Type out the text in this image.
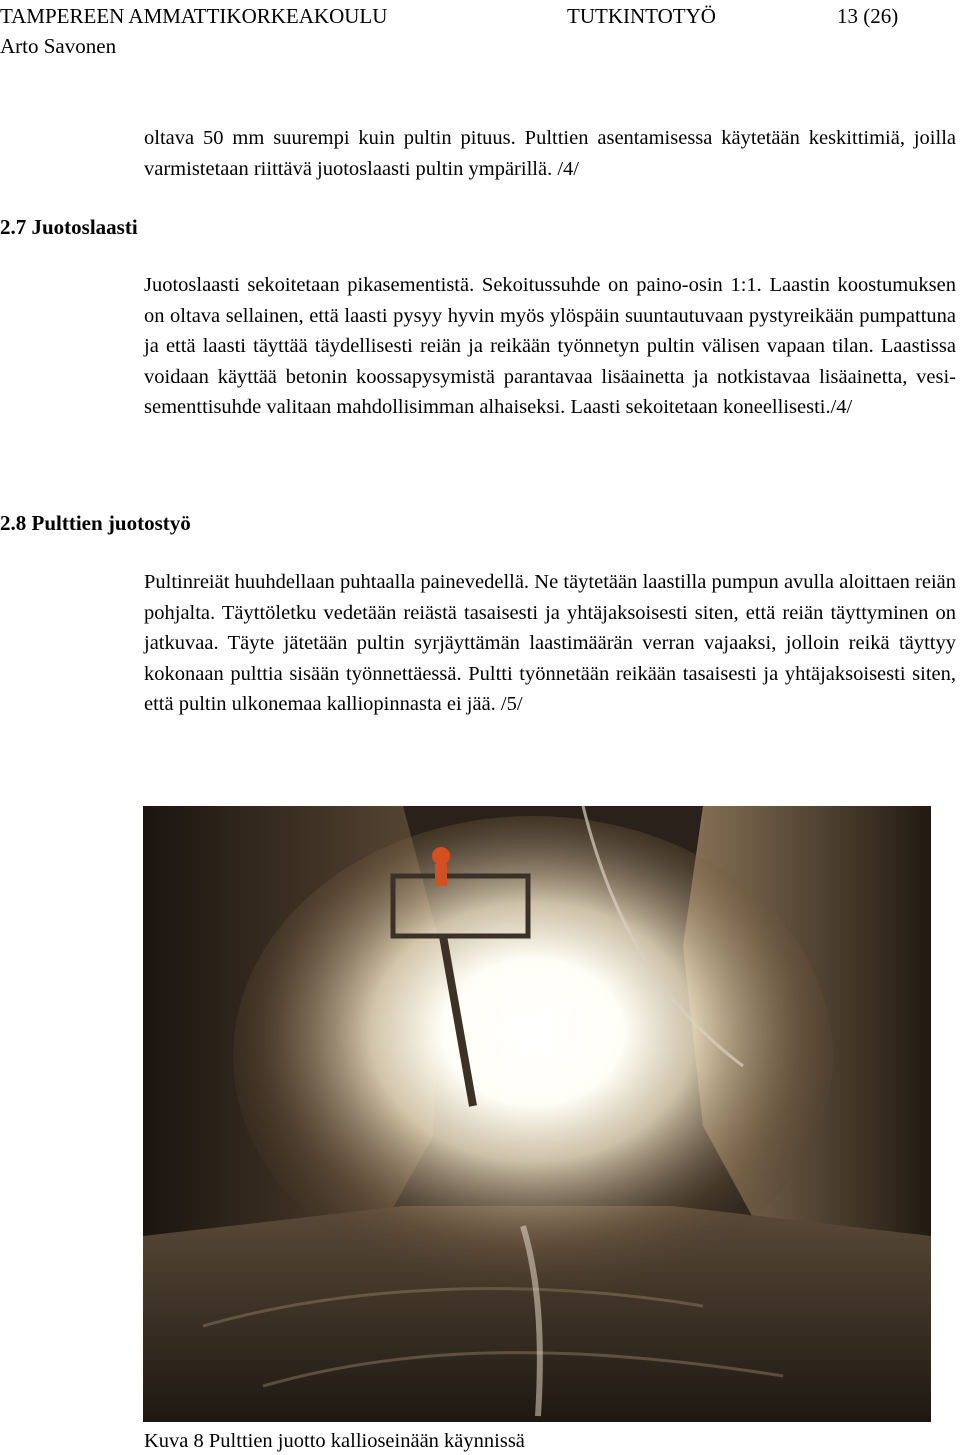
TAMPEREEN AMMATTIKORKEAKOULU	TUTKINTOTYÖ	13 (26)
Arto Savonen

oltava 50 mm suurempi kuin pultin pituus. Pulttien asentamisessa käytetään keskittimiä, joilla varmistetaan riittävä juotoslaasti pultin ympärillä. /4/

2.7 Juotoslaasti

Juotoslaasti sekoitetaan pikasementistä. Sekoitussuhde on paino-osin 1:1. Laastin koostumuksen on oltava sellainen, että laasti pysyy hyvin myös ylöspäin suuntautuvaan pystyreikään pumpattuna ja että laasti täyttää täydellisesti reiän ja reikään työnnetyn pultin välisen vapaan tilan. Laastissa voidaan käyttää betonin koossapysymistä parantavaa lisäainetta ja notkistavaa lisäainetta, vesi-sementtisuhde valitaan mahdollisimman alhaiseksi. Laasti sekoitetaan koneellisesti./4/

2.8 Pulttien juotostyö

Pultinreiät huuhdellaan puhtaalla painevedellä. Ne täytetään laastilla pumpun avulla aloittaen reiän pohjalta. Täyttöletku vedetään reiästä tasaisesti ja yhtäjaksoisesti siten, että reiän täyttyminen on jatkuvaa. Täyte jätetään pultin syrjäyttämän laastimäärän verran vajaaksi, jolloin reikä täyttyy kokonaan pulttia sisään työnnettäessä. Pultti työnnetään reikään tasaisesti ja yhtäjaksoisesti siten, että pultin ulkonemaa kalliopinnasta ei jää. /5/

Kuva 8 Pulttien juotto kallioseinään käynnissä
